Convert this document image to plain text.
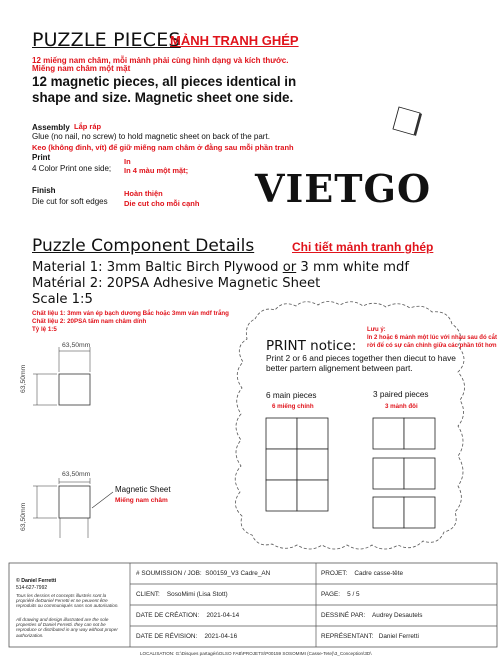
PUZZLE PIECES
MẢNH TRANH GHÉP
12 miếng nam châm, mỗi mảnh phải cùng hình dạng và kích thước.
Miếng nam châm một mặt
12 magnetic pieces, all pieces identical in shape and size. Magnetic sheet one side.
Assembly Lắp ráp
Glue (no nail, no screw) to hold magnetic sheet on back of the part.
Keo (không đinh, vít) để giữ miếng nam châm ở đằng sau mỗi phần tranh
Print
4 Color Print one side;
In
In 4 màu một mặt;
Finish
Die cut for soft edges
Hoàn thiện
Die cut cho mỗi cạnh VIETGO
Puzzle Component Details	Chi tiết mảnh tranh ghép
Material 1: 3mm Baltic Birch Plywood or 3 mm white mdf
Matérial 2: 20PSA Adhesive Magnetic Sheet
Scale 1:5
Chất liệu 1: 3mm ván ép bạch dương Bắc hoặc 3mm ván mdf trắng
Chất liệu 2: 20PSA tấm nam châm dính
Tỷ lệ 1:5
63,50mm
63,50mm
63,50mm
63,50mm
Magnetic Sheet
Miếng nam châm
PRINT notice:
Lưu ý:
In 2 hoặc 6 mảnh một lúc với nhau sau đó cắt
rời để có sự căn chỉnh giữa các phần tốt hơn
Print 2 or 6 and pieces together then diecut to have
better partern alignement between part.
6 main pieces
6 miếng chính
3 paired pieces
3 mảnh đôi
© Daniel Ferretti
514-627-7992
Tous les dessins et concepts illustrés sont la propriété deDaniel Ferretti et ne peuvent être reproduits ou communiqués sans son autorisation.
All drawing and design illustrated are the sole properties of Daniel Ferretti. they can not be reproduce or distributed in any way without proper authorization.
# SOUMISSION / JOB: S00159_V3 Cadre_AN	PROJET: Cadre casse-tête
CLIENT: SosoMimi (Lisa Stott)	PAGE: 5 / 5
DATE DE CRÉATION: 2021-04-14	DESSINÉ PAR: Audrey Desautels
DATE DE RÉVISION: 2021-04-16	REPRÉSENTANT: Daniel Ferretti
LOCALISATION: G:\Disques partagés\OLSO FAB\PROJETS\P00159 SOSOMIMI (Casse-Tete)\3_Conception\3D\
